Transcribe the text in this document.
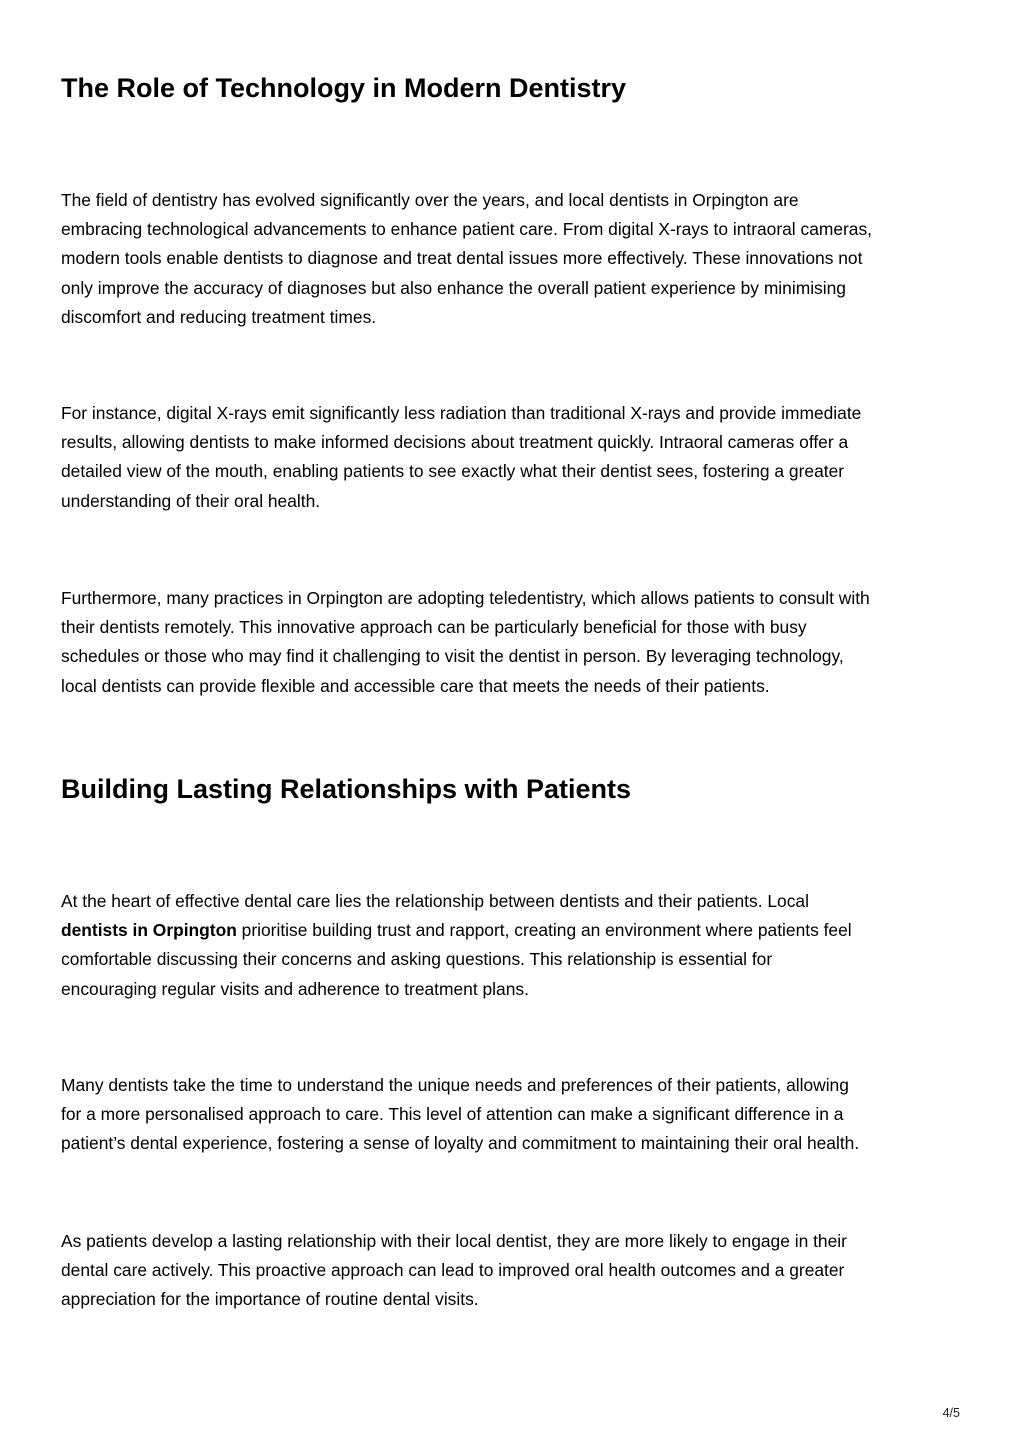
The Role of Technology in Modern Dentistry

The field of dentistry has evolved significantly over the years, and local dentists in Orpington are
embracing technological advancements to enhance patient care. From digital X-rays to intraoral cameras,
modern tools enable dentists to diagnose and treat dental issues more effectively. These innovations not
only improve the accuracy of diagnoses but also enhance the overall patient experience by minimising
discomfort and reducing treatment times.

For instance, digital X-rays emit significantly less radiation than traditional X-rays and provide immediate
results, allowing dentists to make informed decisions about treatment quickly. Intraoral cameras offer a
detailed view of the mouth, enabling patients to see exactly what their dentist sees, fostering a greater
understanding of their oral health.

Furthermore, many practices in Orpington are adopting teledentistry, which allows patients to consult with
their dentists remotely. This innovative approach can be particularly beneficial for those with busy
schedules or those who may find it challenging to visit the dentist in person. By leveraging technology,
local dentists can provide flexible and accessible care that meets the needs of their patients.

Building Lasting Relationships with Patients

At the heart of effective dental care lies the relationship between dentists and their patients. Local
dentists in Orpington prioritise building trust and rapport, creating an environment where patients feel
comfortable discussing their concerns and asking questions. This relationship is essential for
encouraging regular visits and adherence to treatment plans.

Many dentists take the time to understand the unique needs and preferences of their patients, allowing
for a more personalised approach to care. This level of attention can make a significant difference in a
patient’s dental experience, fostering a sense of loyalty and commitment to maintaining their oral health.

As patients develop a lasting relationship with their local dentist, they are more likely to engage in their
dental care actively. This proactive approach can lead to improved oral health outcomes and a greater
appreciation for the importance of routine dental visits.

4/5
